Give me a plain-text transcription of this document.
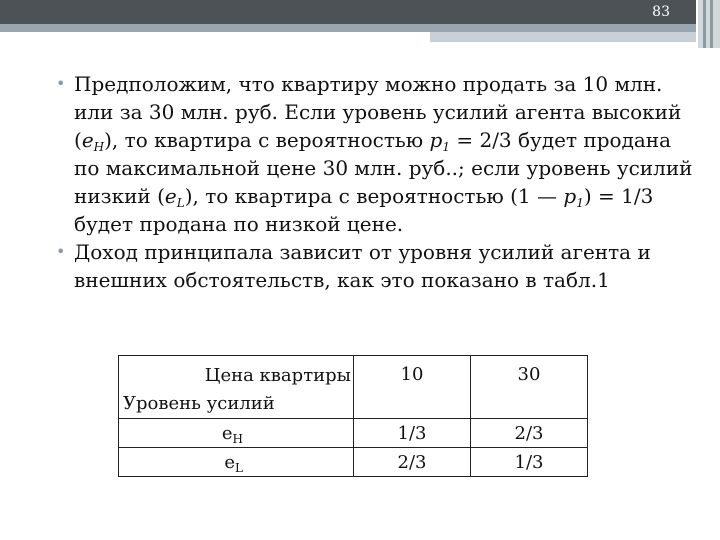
83
• Предположим, что квартиру можно продать за 10 млн. или за 30 млн. руб. Если уровень усилий агента высокий $(e_H)$, то квартира с вероятностью $p_1 = 2/3$ будет продана по максимальной цене 30 млн. руб..; если уровень усилий низкий $(e_L)$, то квартира с вероятностью (1 — $p_1) = 1/3$ будет продана по низкой цене.
• Доход принципала зависит от уровня усилий агента и внешних обстоятельств, как это показано в табл.1
Цена квартиры
Уровень усилий	10	30
$e_H$	1/3	2/3
$e_L$	2/3	1/3
